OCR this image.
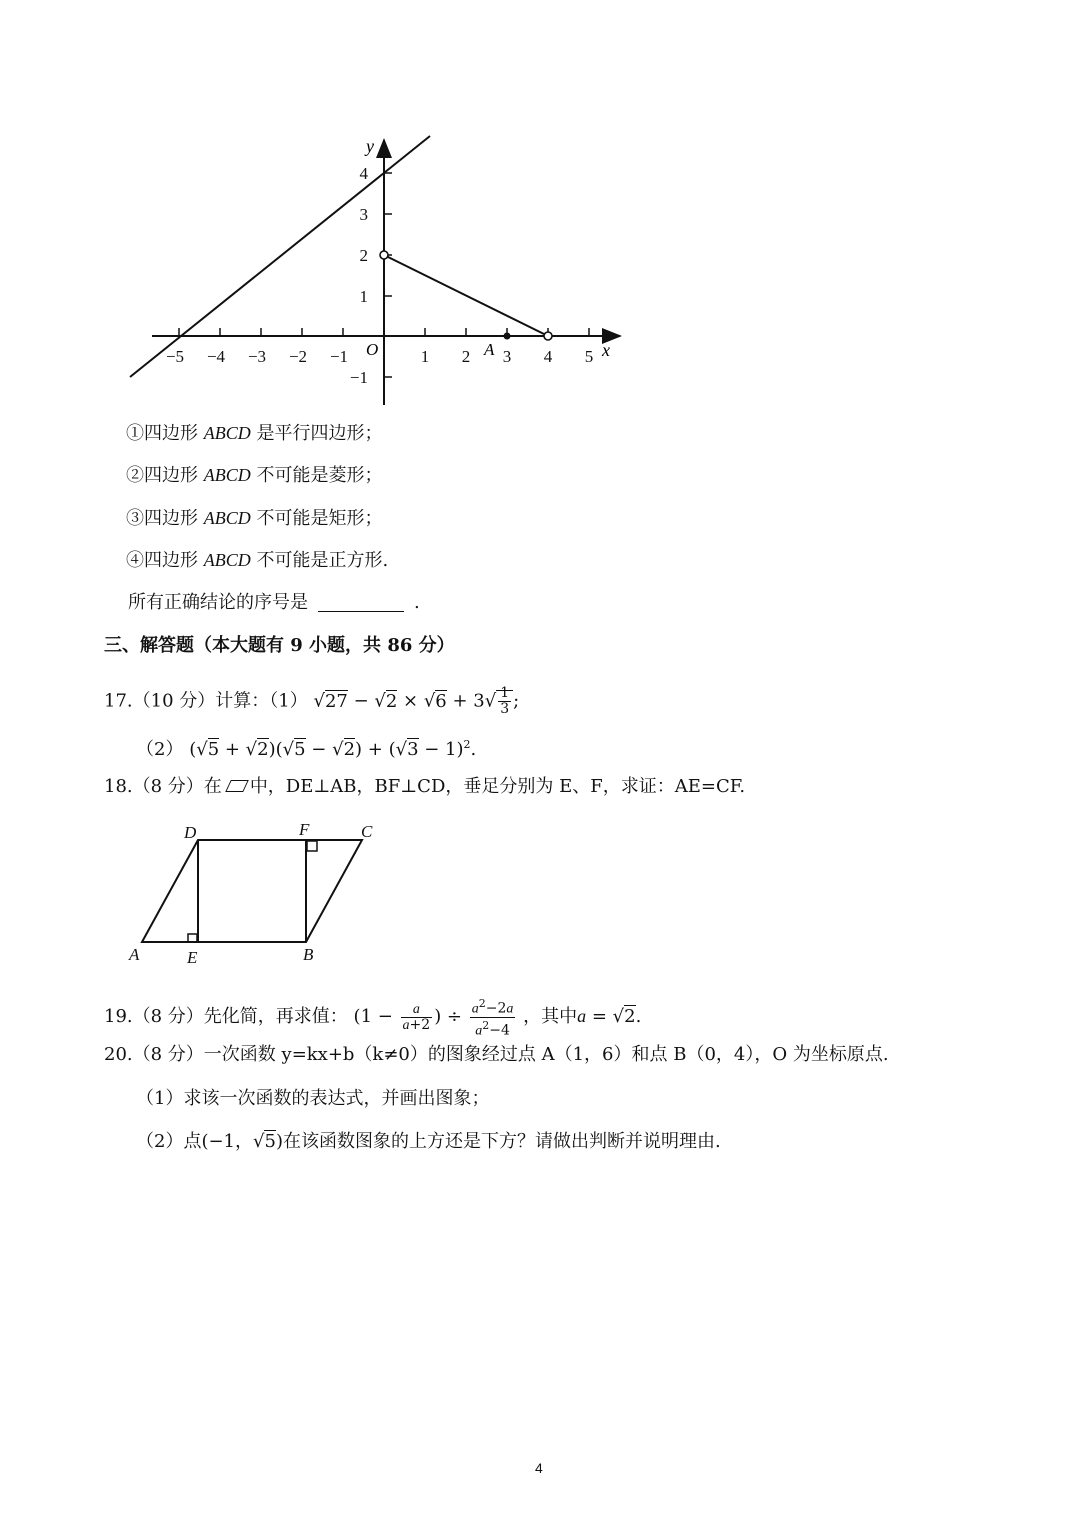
−5 −4 −3 −2 −1	1 2 3 4 5
4
3
2
1
−1
y
x
O	A
①四边形 ABCD 是平行四边形；
②四边形 ABCD 不可能是菱形；
③四边形 ABCD 不可能是矩形；
④四边形 ABCD 不可能是正方形.
所有正确结论的序号是	.
三、解答题（本大题有 9 小题，共 86 分）
17.（10 分）计算：（1） $√27 - √2 \times √6 + 3√ \frac{1}{3}$ ;
（2） $(√5 + √2)(√5 - √2) + (√3 - 1)^2$.
18.（8 分）在 中，DE⊥AB，BF⊥CD，垂足分别为 E、F，求证：AE=CF.
A	E	B
D	F	C
19.（8 分）先化简，再求值： ($1 - \frac{a}{a+2}$ ) ÷ $\frac{a^2-2a}{a^2-4}$ ，其中a = √2.
20.（8 分）一次函数 y=kx+b（k≠0）的图象经过点 A（1，6）和点 B（0，4），O 为坐标原点.
（1）求该一次函数的表达式，并画出图象；
（2）点(−1，√5)在该函数图象的上方还是下方？请做出判断并说明理由.
4
